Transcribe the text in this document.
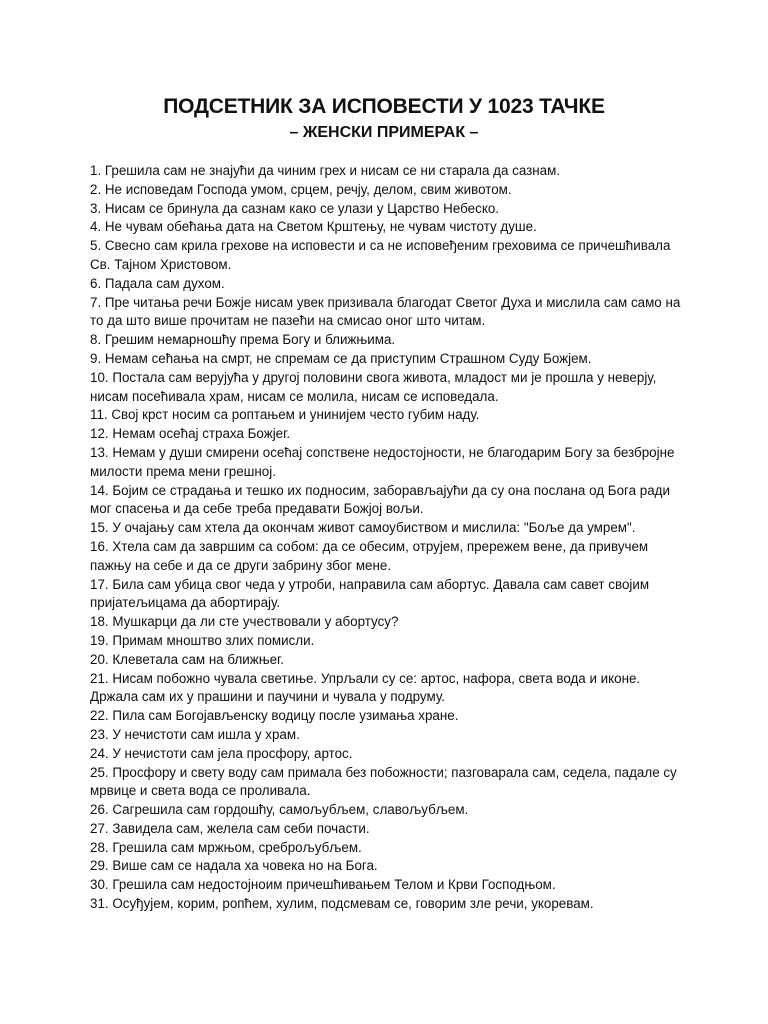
ПОДСЕТНИК ЗА ИСПОВЕСТИ У 1023 ТАЧКЕ
– ЖЕНСКИ ПРИМЕРАК –
1. Грешила сам не знајући да чиним грех и нисам се ни старала да сазнам.
2. Не исповедам Господа умом, срцем, речју, делом, свим животом.
3. Нисам се бринула да сазнам како се улази у Царство Небеско.
4. Не чувам обећања дата на Светом Крштењу, не чувам чистоту душе.
5. Свесно сам крила грехове на исповести и са не исповеђеним греховима се причешћивала Св. Тајном Христовом.
6. Падала сам духом.
7. Пре читања речи Божје нисам увек призивала благодат Светог Духа и мислила сам само на то да што више прочитам не пазећи на смисао оног што читам.
8. Грешим немарношћу према Богу и ближњима.
9. Немам сећања на смрт, не спремам се да приступим Страшном Суду Божјем.
10. Постала сам верујућа у другој половини свога живота, младост ми је прошла у неверју, нисам посећивала храм, нисам се молила, нисам се исповедала.
11. Свој крст носим са роптањем и унинијем често губим наду.
12. Немам осећај страха Божјег.
13. Немам у души смирени осећај сопствене недостојности, не благодарим Богу за безбројне милости према мени грешној.
14. Бојим се страдања и тешко их подносим, заборављајући да су она послана од Бога ради мог спасења и да себе треба предавати Божјој вољи.
15. У очајању сам хтела да окончам живот самоубиством и мислила: "Боље да умрем".
16. Хтела сам да завршим са собом: да се обесим, отрујем, прережем вене, да привучем пажњу на себе и да се други забрину због мене.
17. Била сам убица свог чеда у утроби, направила сам абортус. Давала сам савет својим пријатељицама да абортирају.
18. Мушкарци да ли сте учествовали у абортусу?
19. Примам мноштво злих помисли.
20. Клеветала сам на ближњег.
21. Нисам побожно чувала светиње. Упрљали су се: артос, нафора, света вода и иконе. Држала сам их у прашини и паучини и чувала у подруму.
22. Пила сам Богојављенску водицу после узимања хране.
23. У нечистоти сам ишла у храм.
24. У нечистоти сам јела просфору, артос.
25. Просфору и свету воду сам примала без побожности; пазговарала сам, седела, падале су мрвице и света вода се проливала.
26. Сагрешила сам гордошћу, самољубљем, славољубљем.
27. Завидела сам, желела сам себи почасти.
28. Грешила сам мржњом, среброљубљем.
29. Више сам се надала ха човека но на Бога.
30. Грешила сам недостојноим причешћивањем Телом и Крви Господњом.
31. Осуђујем, корим, ропћем, хулим, подсмевам се, говорим зле речи, укоревам.
